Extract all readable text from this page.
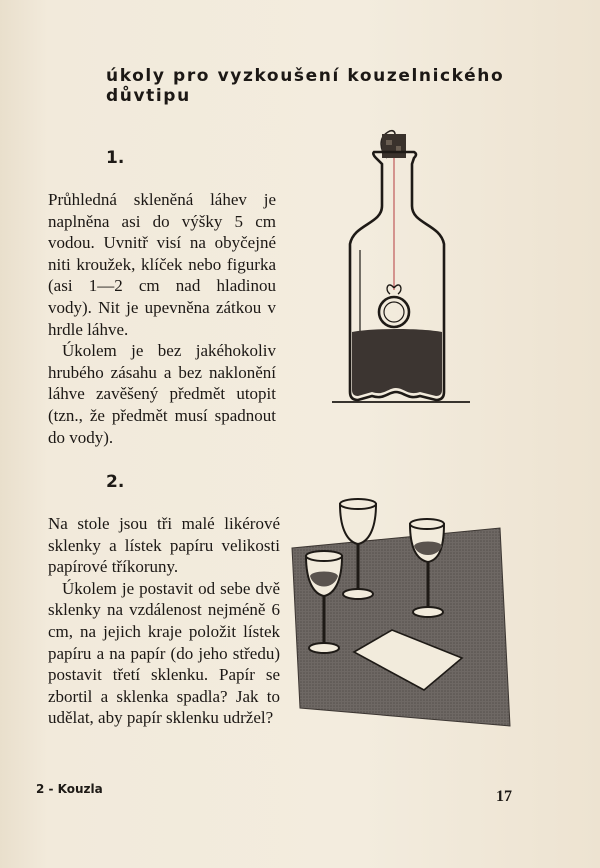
úkoly pro vyzkoušení kouzelnického důvtipu
1.

Průhledná skleněná láhev je naplněna asi do výšky 5 cm vodou. Uvnitř visí na obyčejné niti kroužek, klíček nebo figurka (asi 1—2 cm nad hladinou vody). Nit je upevněna zátkou v hrdle láhve.

Úkolem je bez jakéhokoliv hrubého zásahu a bez naklonění láhve zavěšený předmět utopit (tzn., že předmět musí spadnout do vody).

2.

Na stole jsou tři malé likérové sklenky a lístek papíru velikosti papírové tříkoruny.

Úkolem je postavit od sebe dvě sklenky na vzdálenost nejméně 6 cm, na jejich kraje položit lístek papíru a na papír (do jeho středu) postavit třetí sklenku. Papír se zbortil a sklenka spadla? Jak to udělat, aby papír sklenku udržel?

2 - Kouzla	17
